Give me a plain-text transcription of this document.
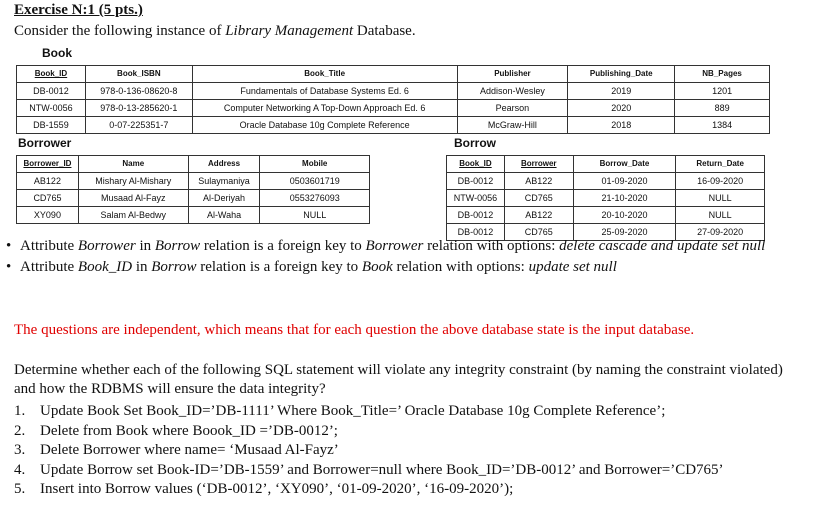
Exercise N:1 (5 pts.)
Consider the following instance of Library Management Database.
Book
Book_ID	Book_ISBN	Book_Title	Publisher	Publishing_Date	NB_Pages
DB-0012	978-0-136-08620-8	Fundamentals of Database Systems Ed. 6	Addison-Wesley	2019	1201
NTW-0056	978-0-13-285620-1	Computer Networking A Top-Down Approach Ed. 6	Pearson	2020	889
DB-1559	0-07-225351-7	Oracle Database 10g Complete Reference	McGraw-Hill	2018	1384
Borrower
Borrower_ID	Name	Address	Mobile
AB122	Mishary Al-Mishary	Sulaymaniya	0503601719
CD765	Musaad Al-Fayz	Al-Deriyah	0553276093
XY090	Salam Al-Bedwy	Al-Waha	NULL
Borrow
Book_ID	Borrower	Borrow_Date	Return_Date
DB-0012	AB122	01-09-2020	16-09-2020
NTW-0056	CD765	21-10-2020	NULL
DB-0012	AB122	20-10-2020	NULL
DB-0012	CD765	25-09-2020	27-09-2020
• Attribute Borrower in Borrow relation is a foreign key to Borrower relation with options: delete cascade and update set null
• Attribute Book_ID in Borrow relation is a foreign key to Book relation with options: update set null
The questions are independent, which means that for each question the above database state is the input database.
Determine whether each of the following SQL statement will violate any integrity constraint (by naming the constraint violated) and how the RDBMS will ensure the data integrity?
1. Update Book Set Book_ID=’DB-1111’ Where Book_Title=’ Oracle Database 10g Complete Reference’;
2. Delete from Book where Boook_ID =’DB-0012’;
3. Delete Borrower where name= ‘Musaad Al-Fayz’
4. Update Borrow set Book-ID=’DB-1559’ and Borrower=null where Book_ID=’DB-0012’ and Borrower=’CD765’
5. Insert into Borrow values (‘DB-0012’, ‘XY090’, ‘01-09-2020’, ‘16-09-2020’);
